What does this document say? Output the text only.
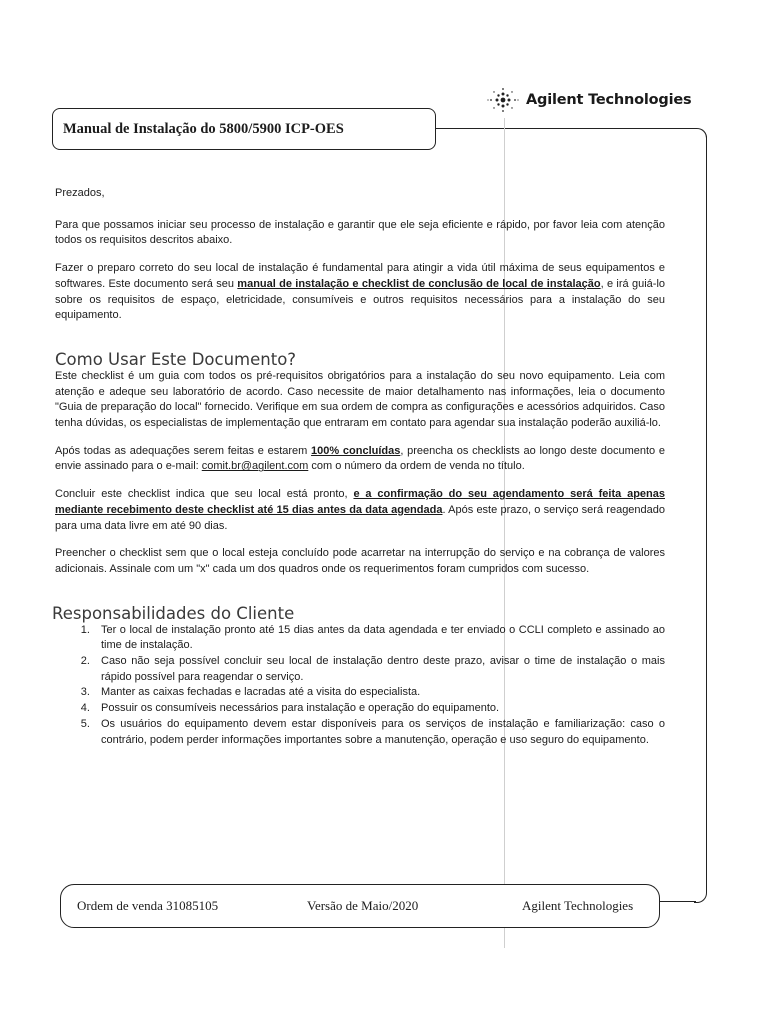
Agilent Technologies
Manual de Instalação do 5800/5900 ICP-OES

Prezados,

Para que possamos iniciar seu processo de instalação e garantir que ele seja eficiente e rápido, por favor leia com atenção todos os requisitos descritos abaixo.

Fazer o preparo correto do seu local de instalação é fundamental para atingir a vida útil máxima de seus equipamentos e softwares. Este documento será seu manual de instalação e checklist de conclusão de local de instalação, e irá guiá-lo sobre os requisitos de espaço, eletricidade, consumíveis e outros requisitos necessários para a instalação do seu equipamento.

Como Usar Este Documento?

Este checklist é um guia com todos os pré-requisitos obrigatórios para a instalação do seu novo equipamento. Leia com atenção e adeque seu laboratório de acordo. Caso necessite de maior detalhamento nas informações, leia o documento "Guia de preparação do local" fornecido. Verifique em sua ordem de compra as configurações e acessórios adquiridos. Caso tenha dúvidas, os especialistas de implementação que entraram em contato para agendar sua instalação poderão auxiliá-lo.

Após todas as adequações serem feitas e estarem 100% concluídas, preencha os checklists ao longo deste documento e envie assinado para o e-mail: comit.br@agilent.com com o número da ordem de venda no título.

Concluir este checklist indica que seu local está pronto, e a confirmação do seu agendamento será feita apenas mediante recebimento deste checklist até 15 dias antes da data agendada. Após este prazo, o serviço será reagendado para uma data livre em até 90 dias.

Preencher o checklist sem que o local esteja concluído pode acarretar na interrupção do serviço e na cobrança de valores adicionais. Assinale com um "x" cada um dos quadros onde os requerimentos foram cumpridos com sucesso.

Responsabilidades do Cliente
1. Ter o local de instalação pronto até 15 dias antes da data agendada e ter enviado o CCLI completo e assinado ao time de instalação.
2. Caso não seja possível concluir seu local de instalação dentro deste prazo, avisar o time de instalação o mais rápido possível para reagendar o serviço.
3. Manter as caixas fechadas e lacradas até a visita do especialista.
4. Possuir os consumíveis necessários para instalação e operação do equipamento.
5. Os usuários do equipamento devem estar disponíveis para os serviços de instalação e familiarização: caso o contrário, podem perder informações importantes sobre a manutenção, operação e uso seguro do equipamento.
Ordem de venda 31085105	Versão de Maio/2020	Agilent Technologies
